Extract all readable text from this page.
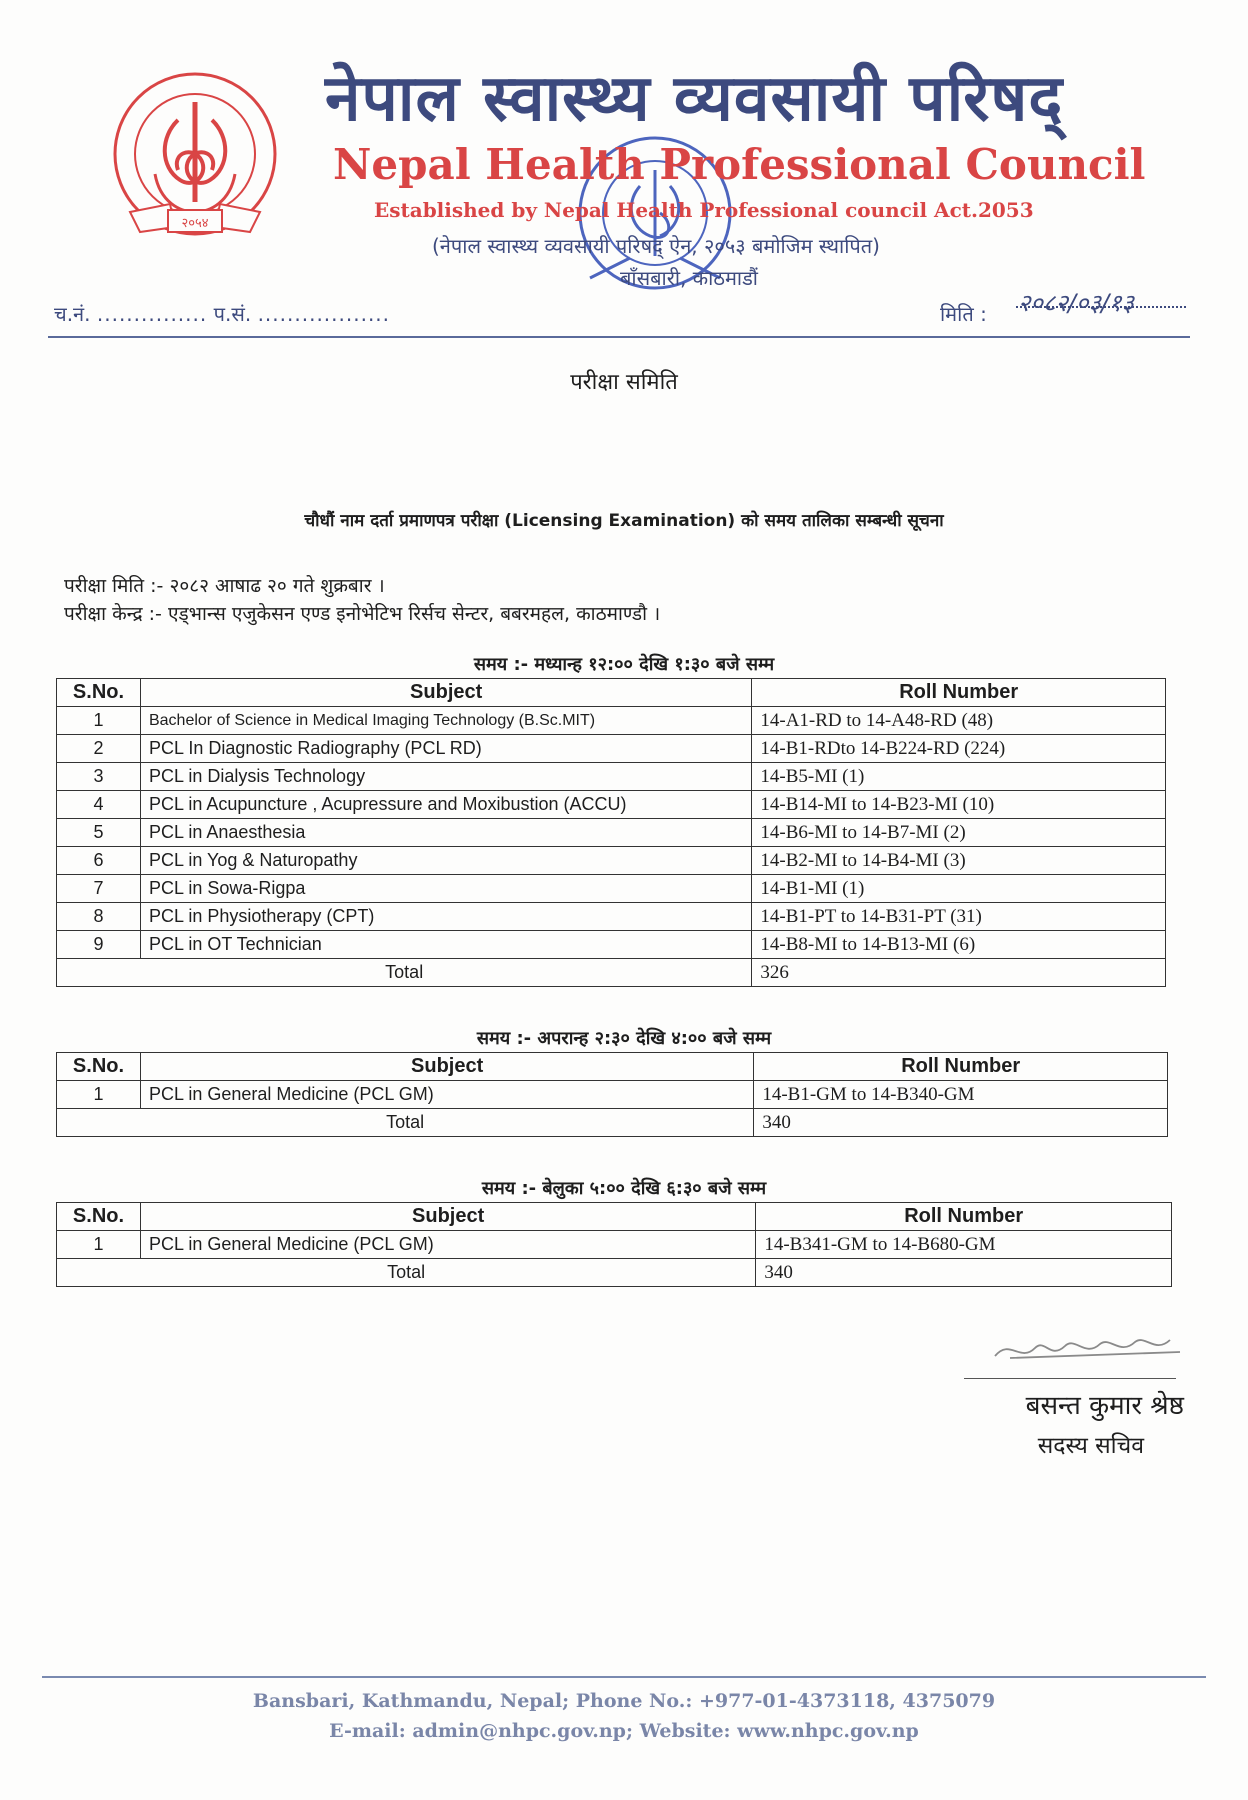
२०५४
नेपाल स्वास्थ्य व्यवसायी परिषद्
Nepal Health Professional Council
Established by Nepal Health Professional council Act.2053
(नेपाल स्वास्थ्य व्यवसायी परिषद् ऐन, २०५३ बमोजिम स्थापित)
बाँसबारी, काठमाडौं
च.नं. ............... प.सं. ..................	मिति : २०८२/०३/१३
परीक्षा समिति
चौधौं नाम दर्ता प्रमाणपत्र परीक्षा (Licensing Examination) को समय तालिका सम्बन्धी सूचना
परीक्षा मिति :- २०८२ आषाढ २० गते शुक्रबार ।
परीक्षा केन्द्र :- एड्भान्स एजुकेसन एण्ड इनोभेटिभ रिर्सच सेन्टर, बबरमहल, काठमाण्डौ ।
समय :- मध्यान्ह १२:०० देखि १:३० बजे सम्म
S.No.	Subject	Roll Number
1	Bachelor of Science in Medical Imaging Technology (B.Sc.MIT)	14-A1-RD to 14-A48-RD (48)
2	PCL In Diagnostic Radiography (PCL RD)	14-B1-RDto 14-B224-RD (224)
3	PCL in Dialysis Technology	14-B5-MI (1)
4	PCL in Acupuncture , Acupressure and Moxibustion (ACCU)	14-B14-MI to 14-B23-MI (10)
5	PCL in Anaesthesia	14-B6-MI to 14-B7-MI (2)
6	PCL in Yog & Naturopathy	14-B2-MI to 14-B4-MI (3)
7	PCL in Sowa-Rigpa	14-B1-MI (1)
8	PCL in Physiotherapy (CPT)	14-B1-PT to 14-B31-PT (31)
9	PCL in OT Technician	14-B8-MI to 14-B13-MI (6)
Total		326
समय :- अपरान्ह २:३० देखि ४:०० बजे सम्म
S.No.	Subject	Roll Number
1	PCL in General Medicine (PCL GM)	14-B1-GM to 14-B340-GM
Total		340
समय :- बेलुका ५:०० देखि ६:३० बजे सम्म
S.No.	Subject	Roll Number
1	PCL in General Medicine (PCL GM)	14-B341-GM to 14-B680-GM
Total		340
बसन्त कुमार श्रेष्ठ
सदस्य सचिव
Bansbari, Kathmandu, Nepal; Phone No.: +977-01-4373118, 4375079
E-mail: admin@nhpc.gov.np; Website: www.nhpc.gov.np
